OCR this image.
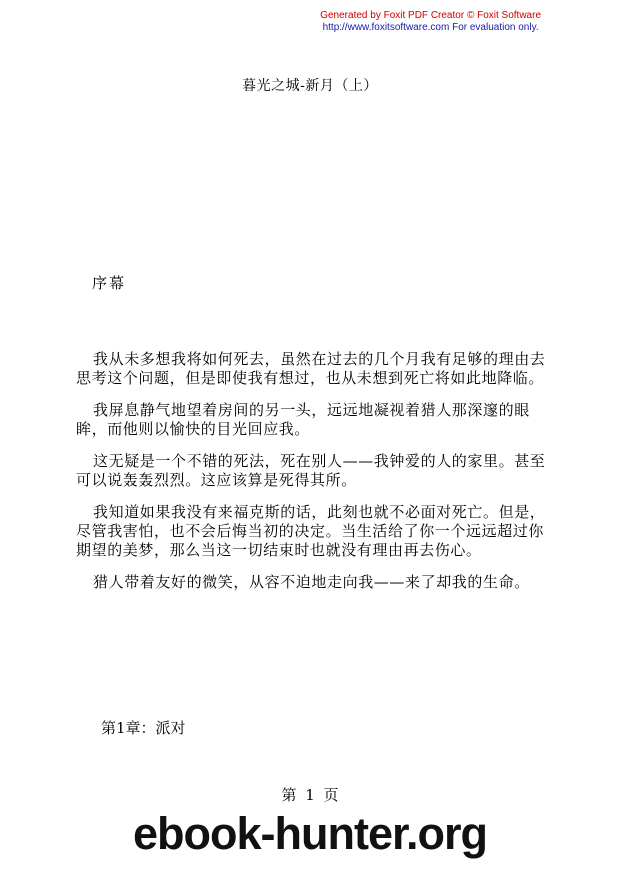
Generated by Foxit PDF Creator © Foxit Software
http://www.foxitsoftware.com For evaluation only.
暮光之城-新月（上）
序幕

我从未多想我将如何死去，虽然在过去的几个月我有足够的理由去思考这个问题，但是即使我有想过，也从未想到死亡将如此地降临。

我屏息静气地望着房间的另一头，远远地凝视着猎人那深邃的眼眸，而他则以愉快的目光回应我。

这无疑是一个不错的死法，死在别人——我钟爱的人的家里。甚至可以说轰轰烈烈。这应该算是死得其所。

我知道如果我没有来福克斯的话，此刻也就不必面对死亡。但是，尽管我害怕，也不会后悔当初的决定。当生活给了你一个远远超过你期望的美梦，那么当这一切结束时也就没有理由再去伤心。

猎人带着友好的微笑，从容不迫地走向我——来了却我的生命。

第1章：派对
第 1 页
ebook-hunter.org
